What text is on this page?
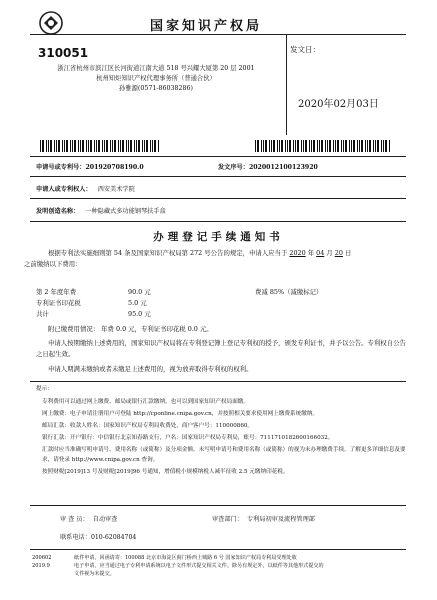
国家知识产权局
310051
浙江省杭州市滨江区长河街道江南大道 518 号兴耀大厦第 20 层 2001
杭州知炬知识产权代理事务所（普通合伙）
孙雅源(0571-86038286)
发文日：
2020年02月03日
申请号或专利号：201920708190.0	发文序号：2020012100123920
申请人或专利权人： 西安美术学院
发明创造名称： 一种隐藏式多功能钢琴扶手盒
办理登记手续通知书
根据专利法实施细则第 54 条及国家知识产权局第 272 号公告的规定，申请人应当于 2020 年 04 月 20 日
之前缴纳以下费用：
第 2 年度年费	90.0 元	费减 85%（减缴标记）
专利证书印花税	5.0 元
共计	95.0 元
附已缴费用情况： 年费 0.0 元，专利证书印花税 0.0 元。
申请人按期缴纳上述费用的，国家知识产权局将在专利登记簿上登记专利权的授予，颁发专利证书，并予以公告。专利权自公告之日起生效。
申请人期满未缴纳或者未缴足上述费用的，视为放弃取得专利权的权利。
提示：
专利费用可以通过网上缴费、邮局或银行汇款缴纳，也可以到国家知识产权局面缴。
网上缴费：电子申请注册用户可登陆 http://cponline.cnipa.gov.cn，并按照相关要求使用网上缴费系统缴纳。
邮局汇款：收款人姓名：国家知识产权局专利局收费处，商户客户号：110000860。
银行汇款：开户银行：中信银行北京知春路支行，户名：国家知识产权局专利局，账号：7111710182600166032。
汇款时应当准确写明申请号、费用名称（或简称）及分项金额。未写明申请号和费用名称（或简称）的视为未办理缴费手续。了解更多详细信息及要求，请登录 http://www.cnipa.gov.cn 查询。
按照财税[2019]13 号及财税[2019]96 号通知，增值税小规模纳税人减半征收 2.5 元缴纳印花税。
审 查 员： 自动审查	审查部门： 专利局初审及流程管理部
联系电话：010-62084704
200602
2019.9
纸件申请，回函请寄：100088 北京市海淀区蓟门桥西土城路 6 号 国家知识产权局专利局受理处收
电子申请，应当通过电子专利申请系统以电子文件形式提交相关文件。除另有规定外，以纸件等其他形式提交的
文件视为未提交。
